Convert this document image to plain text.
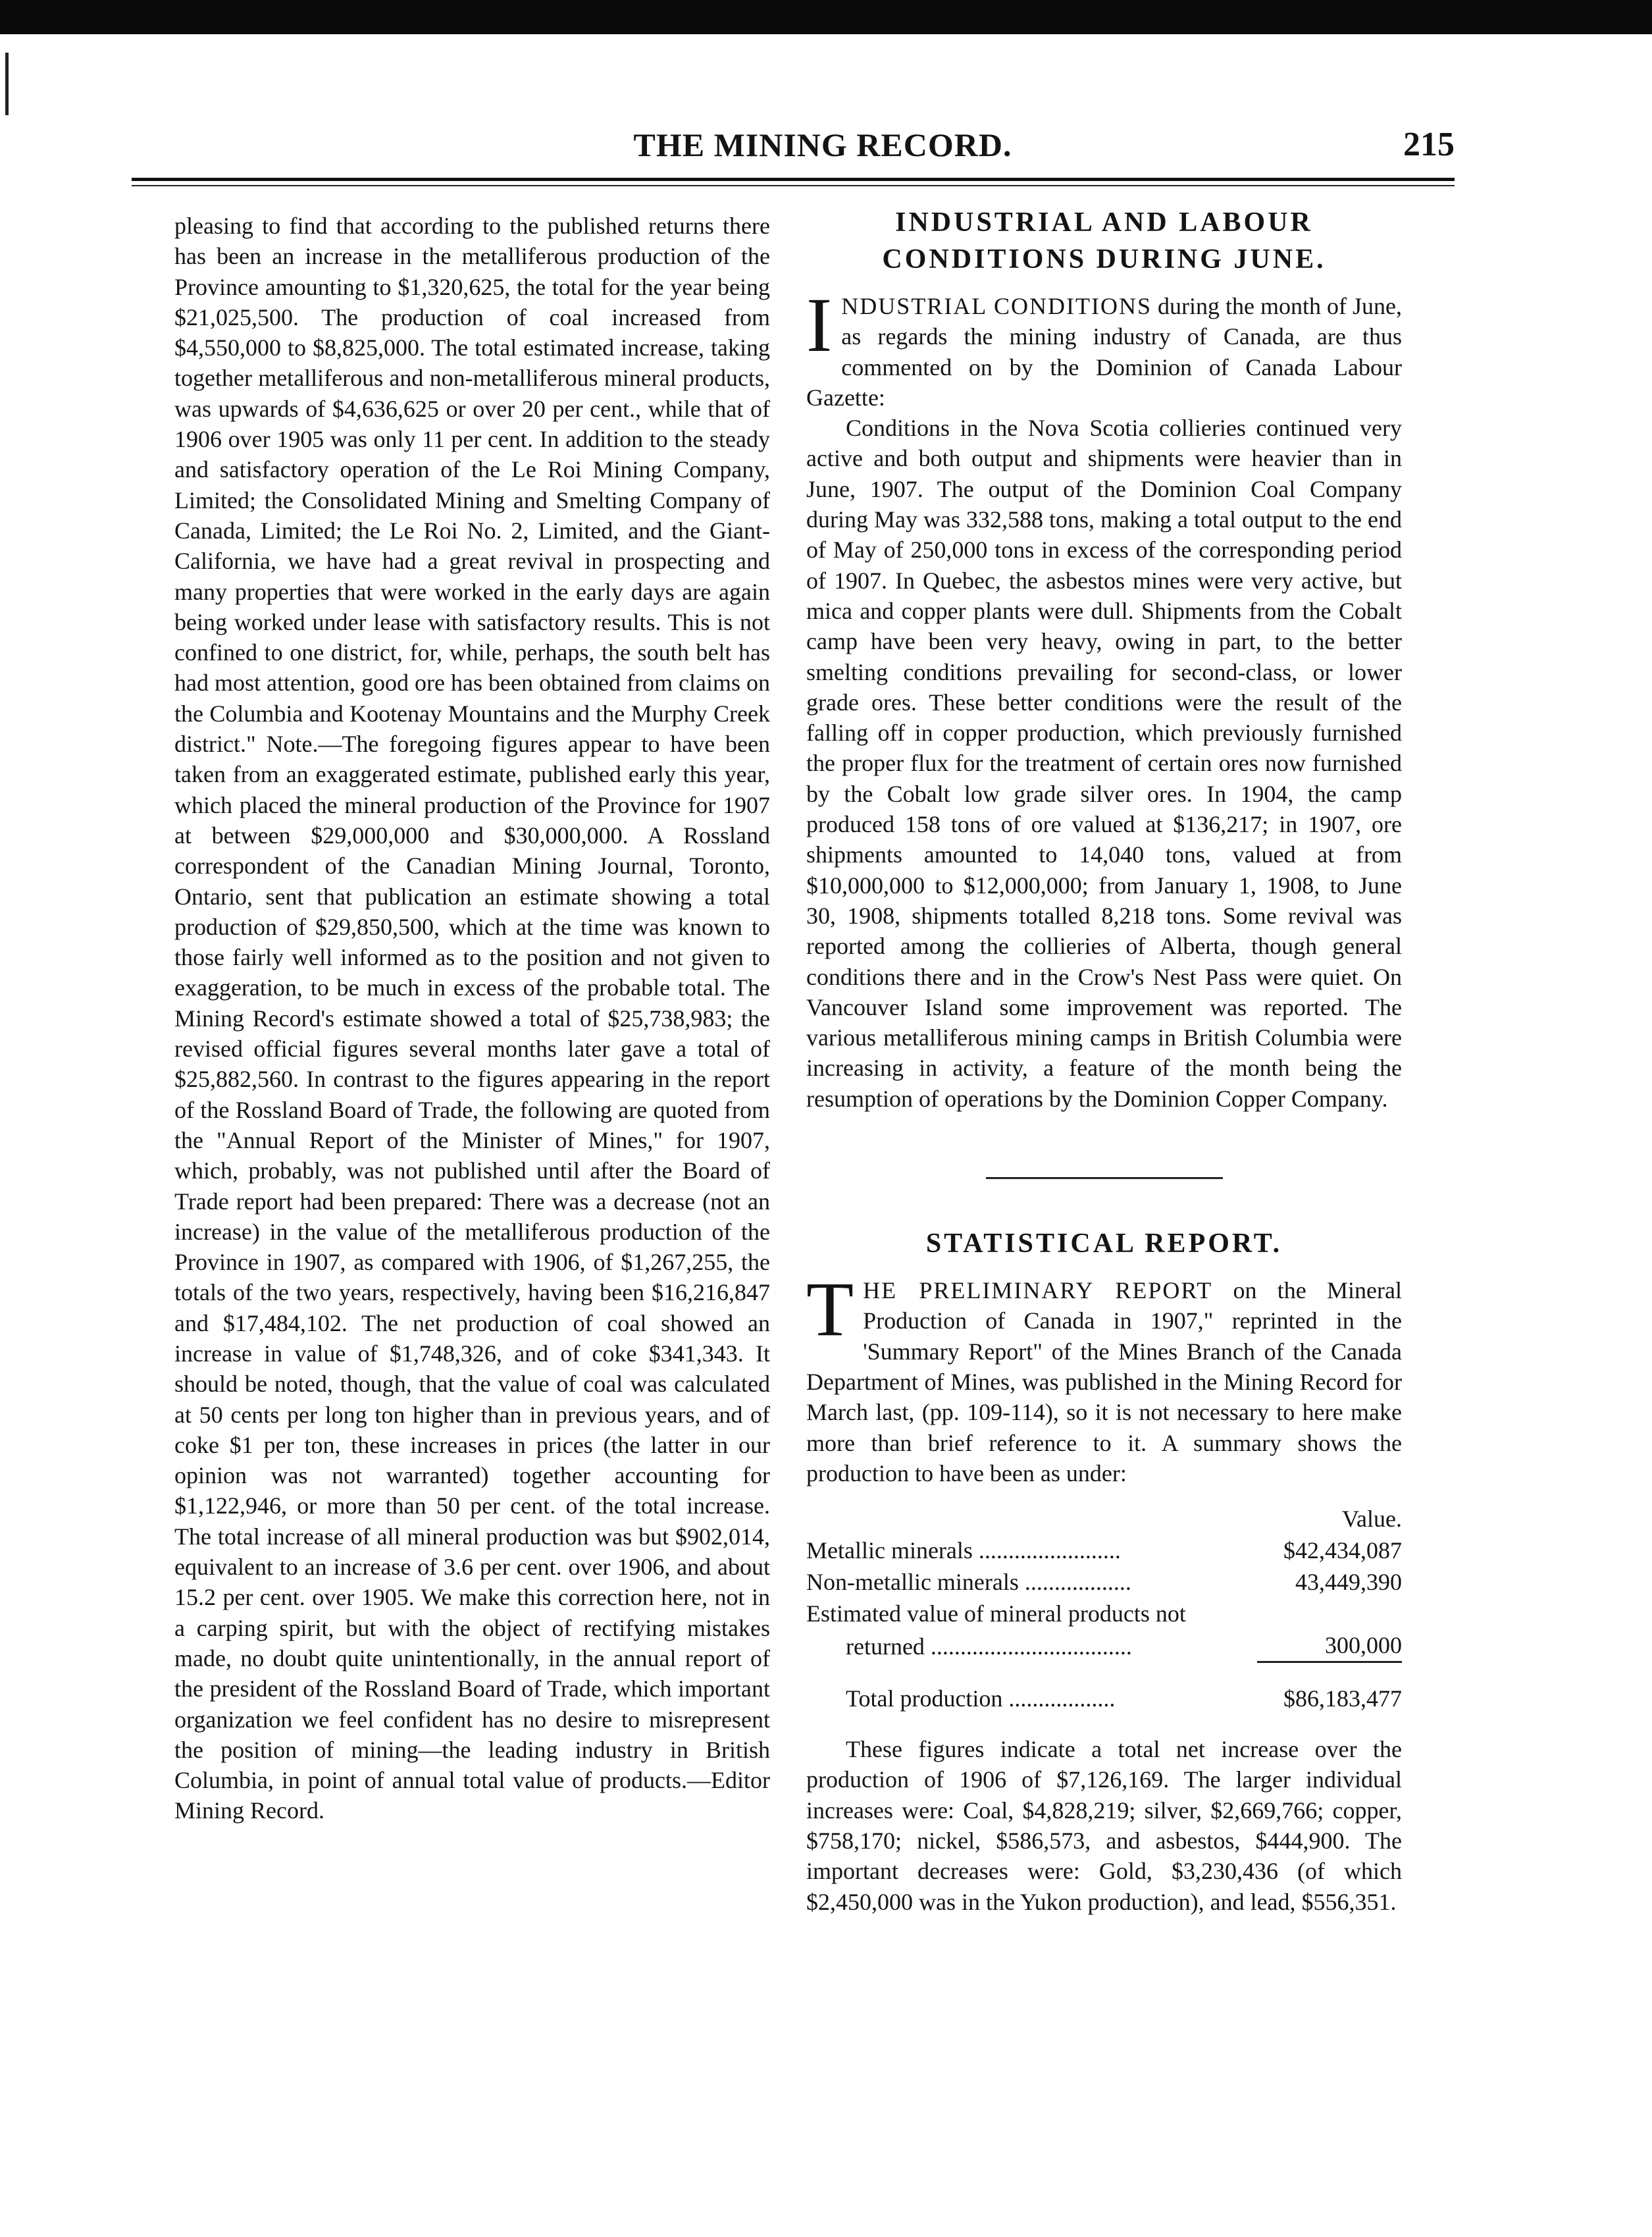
THE MINING RECORD.	215

pleasing to find that according to the published returns there has been an increase in the metalliferous production of the Province amounting to $1,320,625, the total for the year being $21,025,500. The production of coal increased from $4,550,000 to $8,825,000. The total estimated increase, taking together metalliferous and non-metalliferous mineral products, was upwards of $4,636,625 or over 20 per cent., while that of 1906 over 1905 was only 11 per cent. In addition to the steady and satisfactory operation of the Le Roi Mining Company, Limited; the Consolidated Mining and Smelting Company of Canada, Limited; the Le Roi No. 2, Limited, and the Giant-California, we have had a great revival in prospecting and many properties that were worked in the early days are again being worked under lease with satisfactory results. This is not confined to one district, for, while, perhaps, the south belt has had most attention, good ore has been obtained from claims on the Columbia and Kootenay Mountains and the Murphy Creek district." Note.—The foregoing figures appear to have been taken from an exaggerated estimate, published early this year, which placed the mineral production of the Province for 1907 at between $29,000,000 and $30,000,000. A Rossland correspondent of the Canadian Mining Journal, Toronto, Ontario, sent that publication an estimate showing a total production of $29,850,500, which at the time was known to those fairly well informed as to the position and not given to exaggeration, to be much in excess of the probable total. The Mining Record's estimate showed a total of $25,738,983; the revised official figures several months later gave a total of $25,882,560. In contrast to the figures appearing in the report of the Rossland Board of Trade, the following are quoted from the "Annual Report of the Minister of Mines," for 1907, which, probably, was not published until after the Board of Trade report had been prepared: There was a decrease (not an increase) in the value of the metalliferous production of the Province in 1907, as compared with 1906, of $1,267,255, the totals of the two years, respectively, having been $16,216,847 and $17,484,102. The net production of coal showed an increase in value of $1,748,326, and of coke $341,343. It should be noted, though, that the value of coal was calculated at 50 cents per long ton higher than in previous years, and of coke $1 per ton, these increases in prices (the latter in our opinion was not warranted) together accounting for $1,122,946, or more than 50 per cent. of the total increase. The total increase of all mineral production was but $902,014, equivalent to an increase of 3.6 per cent. over 1906, and about 15.2 per cent. over 1905. We make this correction here, not in a carping spirit, but with the object of rectifying mistakes made, no doubt quite unintentionally, in the annual report of the president of the Rossland Board of Trade, which important organization we feel confident has no desire to misrepresent the position of mining—the leading industry in British Columbia, in point of annual total value of products.—Editor Mining Record.

INDUSTRIAL AND LABOUR CONDITIONS DURING JUNE.

INDUSTRIAL CONDITIONS during the month of June, as regards the mining industry of Canada, are thus commented on by the Dominion of Canada Labour Gazette:

Conditions in the Nova Scotia collieries continued very active and both output and shipments were heavier than in June, 1907. The output of the Dominion Coal Company during May was 332,588 tons, making a total output to the end of May of 250,000 tons in excess of the corresponding period of 1907. In Quebec, the asbestos mines were very active, but mica and copper plants were dull. Shipments from the Cobalt camp have been very heavy, owing in part, to the better smelting conditions prevailing for second-class, or lower grade ores. These better conditions were the result of the falling off in copper production, which previously furnished the proper flux for the treatment of certain ores now furnished by the Cobalt low grade silver ores. In 1904, the camp produced 158 tons of ore valued at $136,217; in 1907, ore shipments amounted to 14,040 tons, valued at from $10,000,000 to $12,000,000; from January 1, 1908, to June 30, 1908, shipments totalled 8,218 tons. Some revival was reported among the collieries of Alberta, though general conditions there and in the Crow's Nest Pass were quiet. On Vancouver Island some improvement was reported. The various metalliferous mining camps in British Columbia were increasing in activity, a feature of the month being the resumption of operations by the Dominion Copper Company.

STATISTICAL REPORT.

THE PRELIMINARY REPORT on the Mineral Production of Canada in 1907," reprinted in the 'Summary Report" of the Mines Branch of the Canada Department of Mines, was published in the Mining Record for March last, (pp. 109-114), so it is not necessary to here make more than brief reference to it. A summary shows the production to have been as under:

	Value.
Metallic minerals ........................	$42,434,087
Non-metallic minerals ..................	43,449,390
Estimated value of mineral products not	
returned ..................................	300,000
Total production ..................	$86,183,477

These figures indicate a total net increase over the production of 1906 of $7,126,169. The larger individual increases were: Coal, $4,828,219; silver, $2,669,766; copper, $758,170; nickel, $586,573, and asbestos, $444,900. The important decreases were: Gold, $3,230,436 (of which $2,450,000 was in the Yukon production), and lead, $556,351.
